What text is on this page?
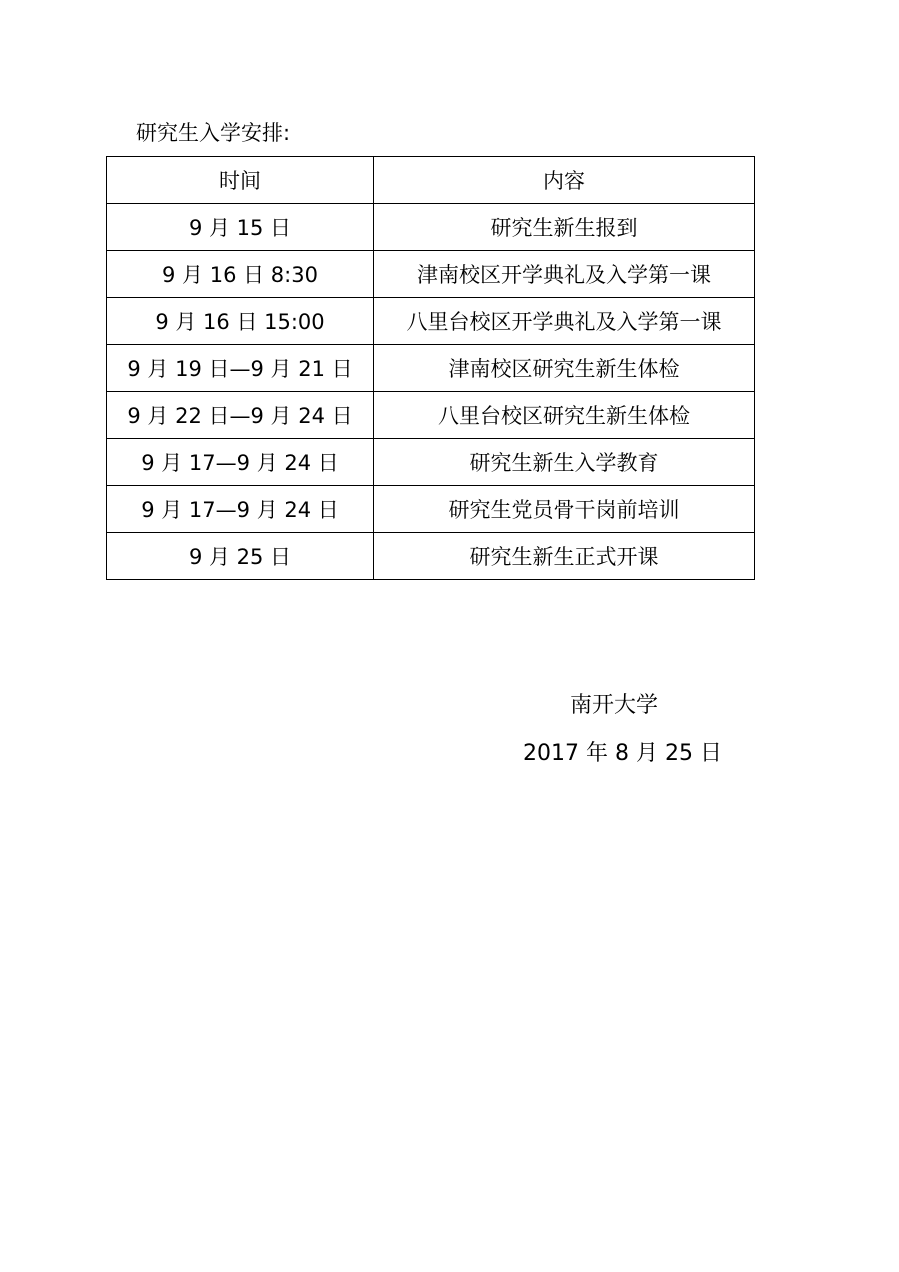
研究生入学安排:
时间	内容
9 月 15 日	研究生新生报到
9 月 16 日 8:30	津南校区开学典礼及入学第一课
9 月 16 日 15:00	八里台校区开学典礼及入学第一课
9 月 19 日—9 月 21 日	津南校区研究生新生体检
9 月 22 日—9 月 24 日	八里台校区研究生新生体检
9 月 17—9 月 24 日	研究生新生入学教育
9 月 17—9 月 24 日	研究生党员骨干岗前培训
9 月 25 日	研究生新生正式开课
南开大学
2017 年 8 月 25 日
